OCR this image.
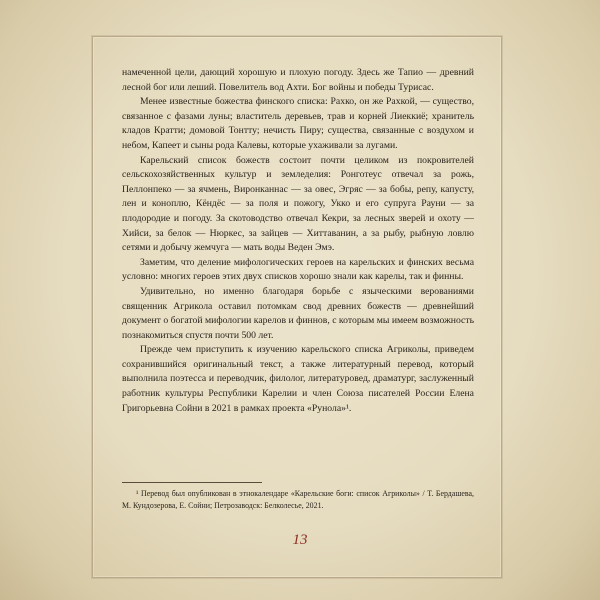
намеченной цели, дающий хорошую и плохую погоду. Здесь же Тапио — древний лесной бог или леший. Повелитель вод Ахти. Бог войны и победы Турисас.

Менее известные божества финского списка: Рахко, он же Рахкой, — существо, связанное с фазами луны; властитель деревьев, трав и корней Лиеккиё; хранитель кладов Кратти; домовой Тонтту; нечисть Пиру; существа, связанные с воздухом и небом, Капеет и сыны рода Калевы, которые ухаживали за лугами.

Карельский список божеств состоит почти целиком из покровителей сельскохозяйственных культур и земледелия: Ронготеус отвечал за рожь, Пеллонпеко — за ячмень, Виронканнас — за овес, Эгряс — за бобы, репу, капусту, лен и коноплю, Кёндёс — за поля и пожогу, Укко и его супруга Рауни — за плодородие и погоду. За скотоводство отвечал Кекри, за лесных зверей и охоту — Хийси, за белок — Нюркес, за зайцев — Хиттаванин, а за рыбу, рыбную ловлю сетями и добычу жемчуга — мать воды Веден Эмэ.

Заметим, что деление мифологических героев на карельских и финских весьма условно: многих героев этих двух списков хорошо знали как карелы, так и финны.

Удивительно, но именно благодаря борьбе с языческими верованиями священник Агрикола оставил потомкам свод древних божеств — древнейший документ о богатой мифологии карелов и финнов, с которым мы имеем возможность познакомиться спустя почти 500 лет.

Прежде чем приступить к изучению карельского списка Агриколы, приведем сохранившийся оригинальный текст, а также литературный перевод, который выполнила поэтесса и переводчик, филолог, литературовед, драматург, заслуженный работник культуры Республики Карелии и член Союза писателей России Елена Григорьевна Сойни в 2021 в рамках проекта «Рунола»¹.

¹ Перевод был опубликован в этнокалендаре «Карельские боги: список Агриколы» / Т. Бердашева, М. Кундозерова, Е. Сойни; Петрозаводск: Белколесье, 2021.

13
